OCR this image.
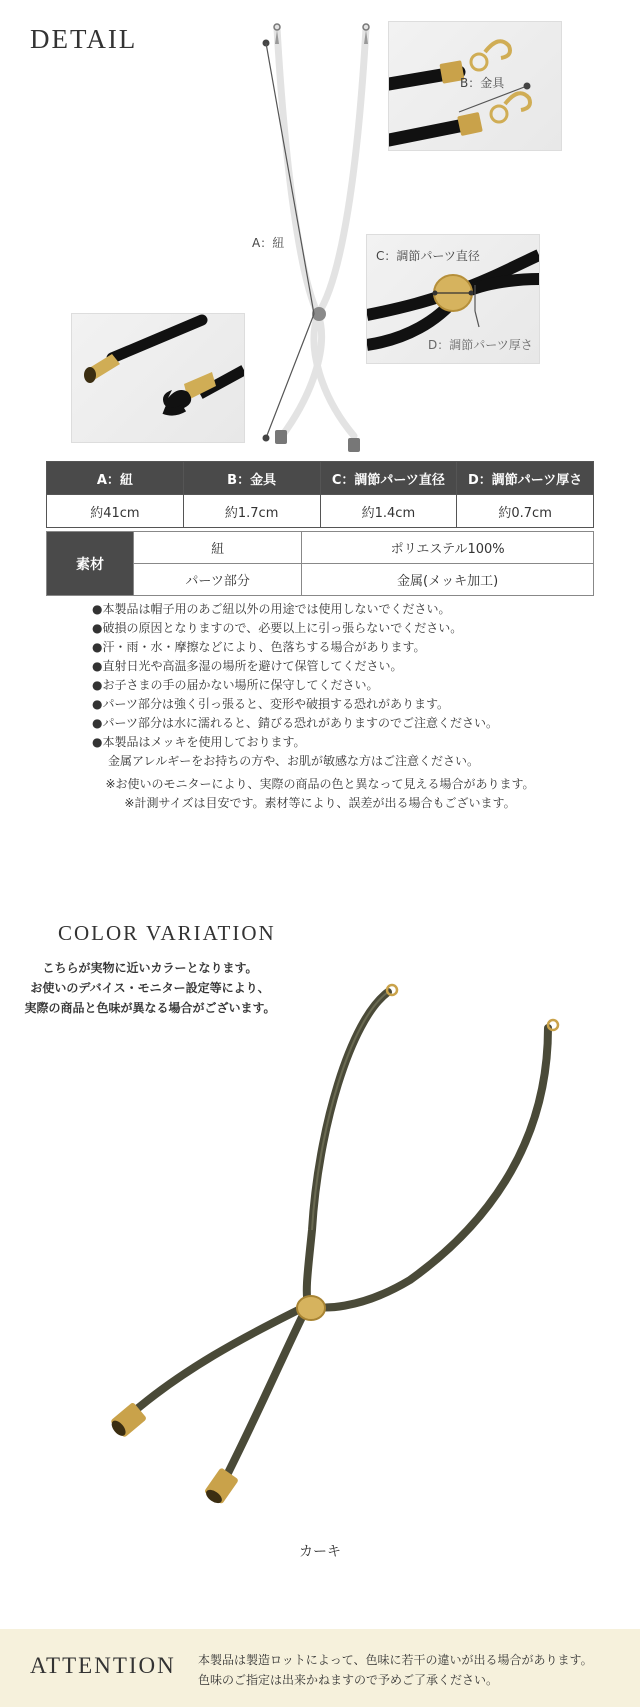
DETAIL
A：紐
B：金具
C：調節パーツ直径
D：調節パーツ厚さ
A：紐	B：金具	C：調節パーツ直径	D：調節パーツ厚さ
約41cm	約1.7cm	約1.4cm	約0.7cm
素材	紐	ポリエステル100%
	パーツ部分	金属(メッキ加工)
●本製品は帽子用のあご紐以外の用途では使用しないでください。
●破損の原因となりますので、必要以上に引っ張らないでください。
●汗・雨・水・摩擦などにより、色落ちする場合があります。
●直射日光や高温多湿の場所を避けて保管してください。
●お子さまの手の届かない場所に保守してください。
●パーツ部分は強く引っ張ると、変形や破損する恐れがあります。
●パーツ部分は水に濡れると、錆びる恐れがありますのでご注意ください。
●本製品はメッキを使用しております。
金属アレルギーをお持ちの方や、お肌が敏感な方はご注意ください。
※お使いのモニターにより、実際の商品の色と異なって見える場合があります。
※計測サイズは目安です。素材等により、誤差が出る場合もございます。
COLOR VARIATION
こちらが実物に近いカラーとなります。
お使いのデバイス・モニター設定等により、
実際の商品と色味が異なる場合がございます。
カーキ
ATTENTION 本製品は製造ロットによって、色味に若干の違いが出る場合があります。
色味のご指定は出来かねますので予めご了承ください。
